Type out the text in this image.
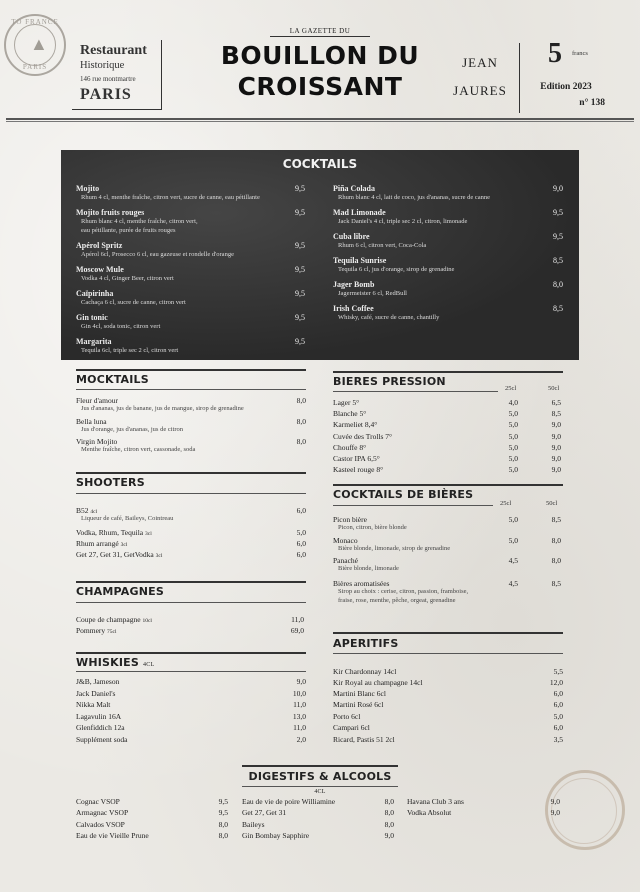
TO FRANCE
▲
PARIS
Restaurant
Historique
146 rue montmartre
PARIS
LA GAZETTE DU
BOUILLON DU
CROISSANT
JEAN
JAURES
5 francs
Edition 2023
n° 138
COCKTAILS
Mojito
Rhum 4 cl, menthe fraîche, citron vert, sucre de canne, eau pétillante
9,5
Mojito fruits rouges
Rhum blanc 4 cl, menthe fraîche, citron vert,
eau pétillante, purée de fruits rouges
9,5
Apérol Spritz
Apérol 6cl, Prosecco 6 cl, eau gazeuse et rondelle d'orange
9,5
Moscow Mule
Vodka 4 cl, Ginger Beer, citron vert
9,5
Caïpirinha
Cachaça 6 cl, sucre de canne, citron vert
9,5
Gin tonic
Gin 4cl, soda tonic, citron vert
9,5
Margarita
Tequila 6cl, triple sec 2 cl, citron vert
9,5
Piña Colada
Rhum blanc 4 cl, lait de coco, jus d'ananas, sucre de canne
9,0
Mad Limonade
Jack Daniel's 4 cl, triple sec 2 cl, citron, limonade
9,5
Cuba libre
Rhum 6 cl, citron vert, Coca-Cola
9,5
Tequila Sunrise
Tequila 6 cl, jus d'orange, sirop de grenadine
8,5
Jager Bomb
Jagermeister 6 cl, RedBull
8,0
Irish Coffee
Whisky, café, sucre de canne, chantilly
8,5
MOCKTAILS
Fleur d'amour
Jus d'ananas, jus de banane, jus de mangue, sirop de grenadine
8,0
Bella luna
Jus d'orange, jus d'ananas, jus de citron
8,0
Virgin Mojito
Menthe fraîche, citron vert, cassonade, soda
8,0
SHOOTERS
B52 4cl
Liqueur de café, Baileys, Cointreau
6,0
Vodka, Rhum, Tequila 3cl	5,0
Rhum arrangé 3cl	6,0
Get 27, Get 31, GetVodka 3cl	6,0
CHAMPAGNES
Coupe de champagne 10cl	11,0
Pommery 75cl	69,0
WHISKIES 4CL
J&B, Jameson	9,0
Jack Daniel's	10,0
Nikka Malt	11,0
Lagavulin 16A	13,0
Glenfiddich 12a	11,0
Supplément soda	2,0
BIERES PRESSION
25cl	50cl
Lager 5°	4,0	6,5
Blanche 5°	5,0	8,5
Karmeliet 8,4°	5,0	9,0
Cuvée des Trolls 7°	5,0	9,0
Chouffe 8°	5,0	9,0
Castor IPA 6,5°	5,0	9,0
Kasteel rouge 8°	5,0	9,0
COCKTAILS DE BIÈRES
25cl	50cl
Picon bière
Picon, citron, bière blonde
5,0	8,5
Monaco
Bière blonde, limonade, sirop de grenadine
5,0	8,0
Panaché
Bière blonde, limonade
4,5	8,0
Bières aromatisées
Sirop au choix : cerise, citron, passion, framboise,
fraise, rose, menthe, pêche, orgeat, grenadine
4,5	8,5
APERITIFS
Kir Chardonnay 14cl	5,5
Kir Royal au champagne 14cl	12,0
Martini Blanc 6cl	6,0
Martini Rosé 6cl	6,0
Porto 6cl	5,0
Campari 6cl	6,0
Ricard, Pastis 51 2cl	3,5
DIGESTIFS & ALCOOLS 4CL
Cognac VSOP	9,5
Armagnac VSOP	9,5
Calvados VSOP	8,0
Eau de vie Vieille Prune	8,0
Eau de vie de poire Williamine	8,0
Get 27, Get 31	8,0
Baileys	8,0
Gin Bombay Sapphire	9,0
Havana Club 3 ans	9,0
Vodka Absolut	9,0
